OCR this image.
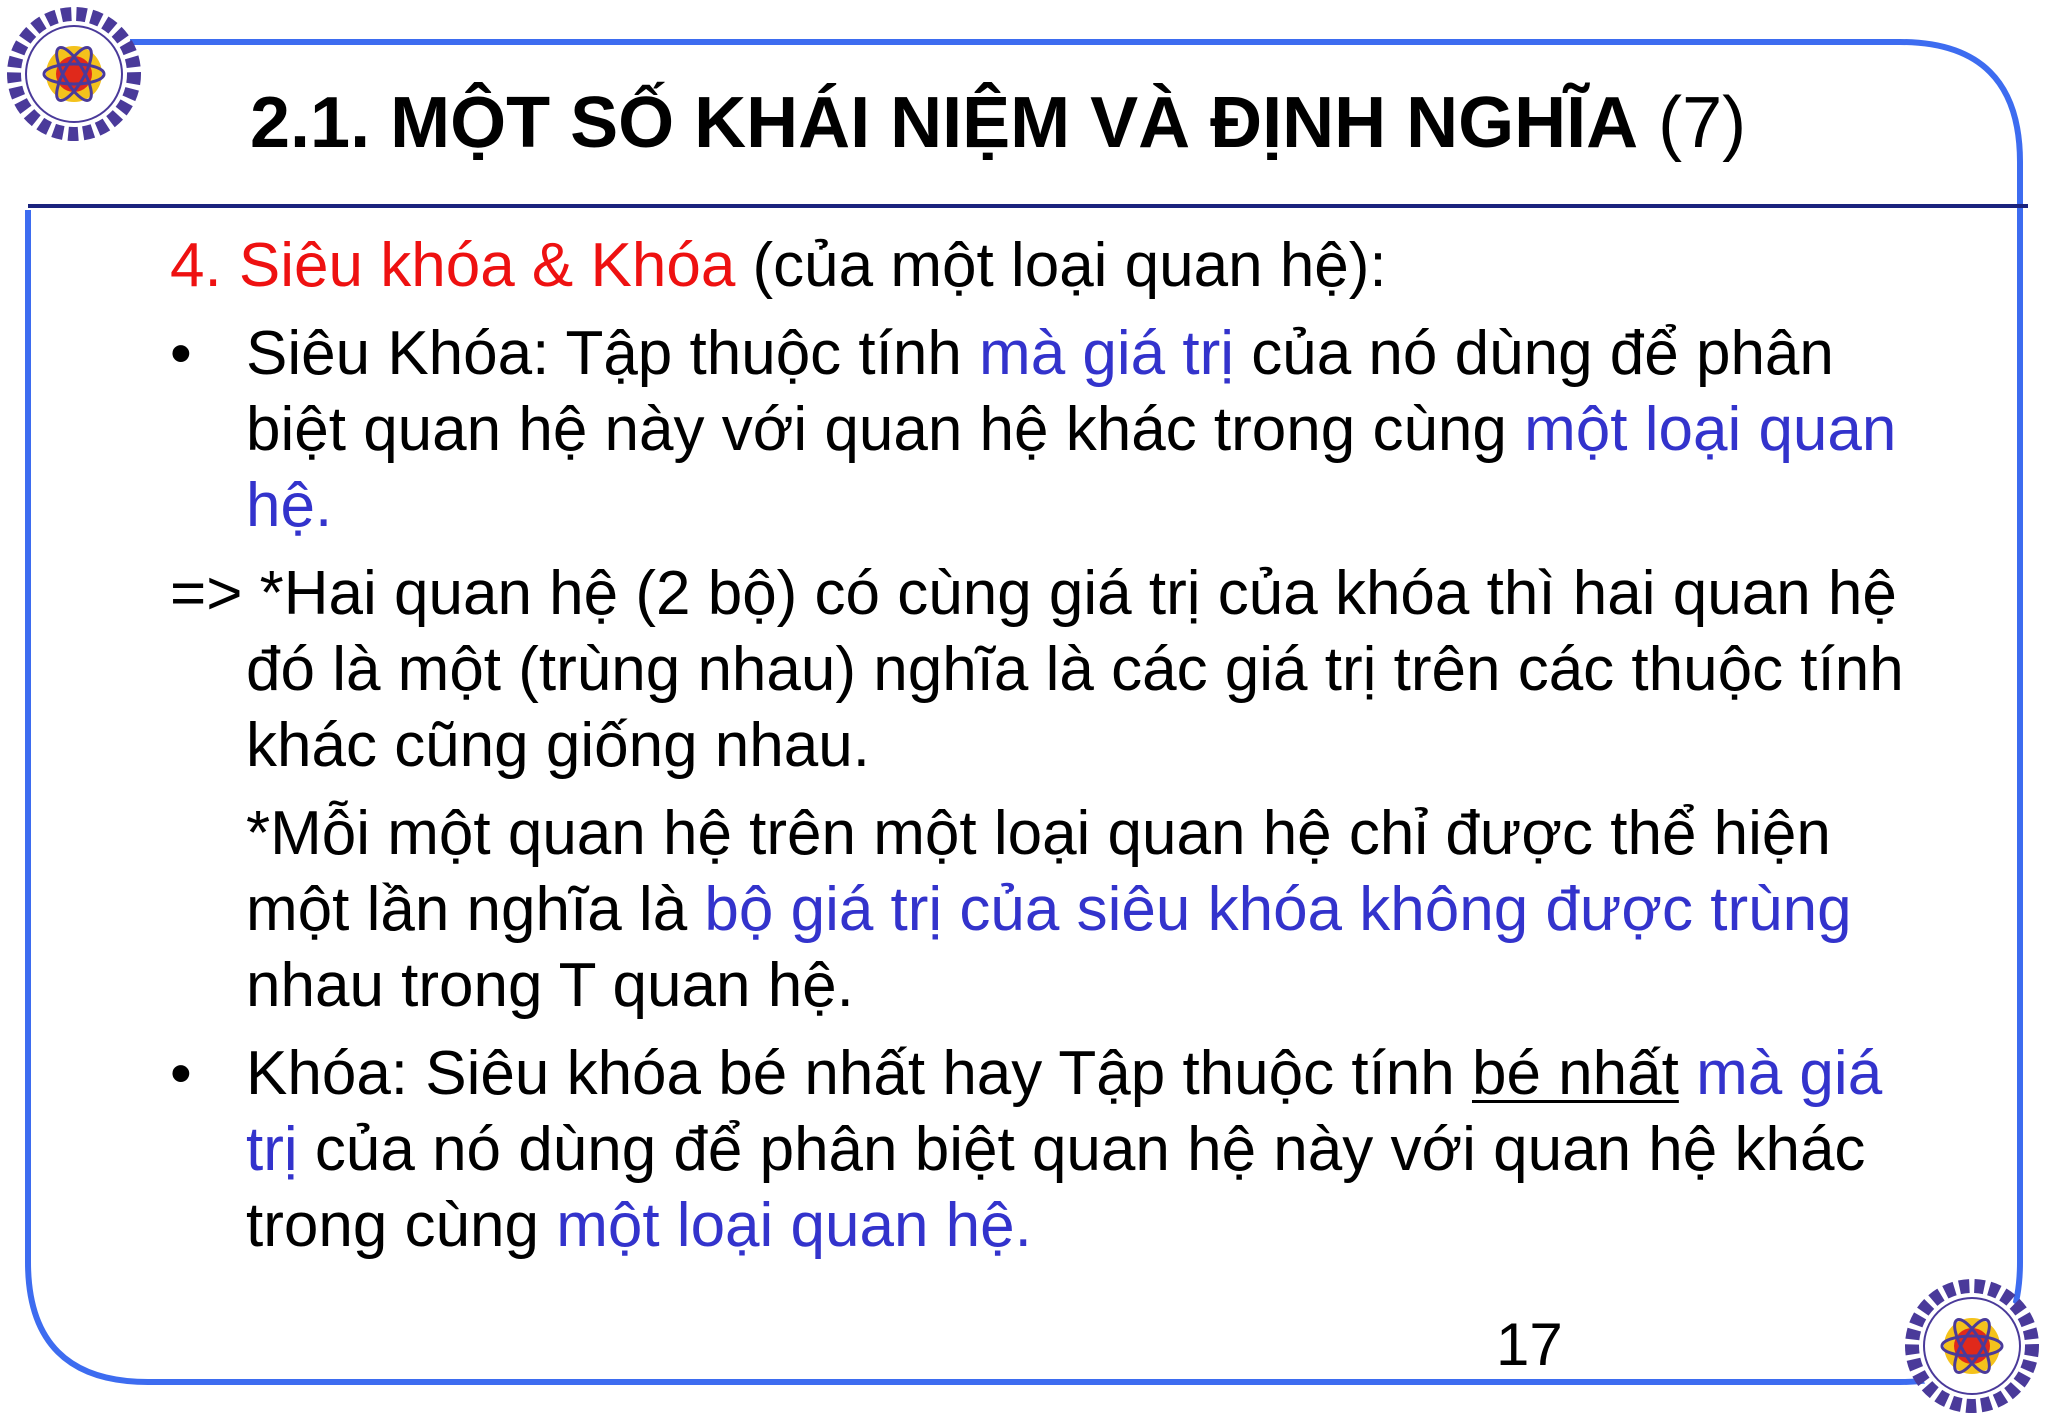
2.1. MỘT SỐ KHÁI NIỆM VÀ ĐỊNH NGHĨA (7)

4. Siêu khóa & Khóa (của một loại quan hệ):

• Siêu Khóa: Tập thuộc tính mà giá trị của nó dùng để phân biệt quan hệ này với quan hệ khác trong cùng một loại quan hệ.

=> *Hai quan hệ (2 bộ) có cùng giá trị của khóa thì hai quan hệ đó là một (trùng nhau) nghĩa là các giá trị trên các thuộc tính khác cũng giống nhau.

*Mỗi một quan hệ trên một loại quan hệ chỉ được thể hiện một lần nghĩa là bộ giá trị của siêu khóa không được trùng nhau trong T quan hệ.

• Khóa: Siêu khóa bé nhất hay Tập thuộc tính bé nhất mà giá trị của nó dùng để phân biệt quan hệ này với quan hệ khác trong cùng một loại quan hệ.

17
